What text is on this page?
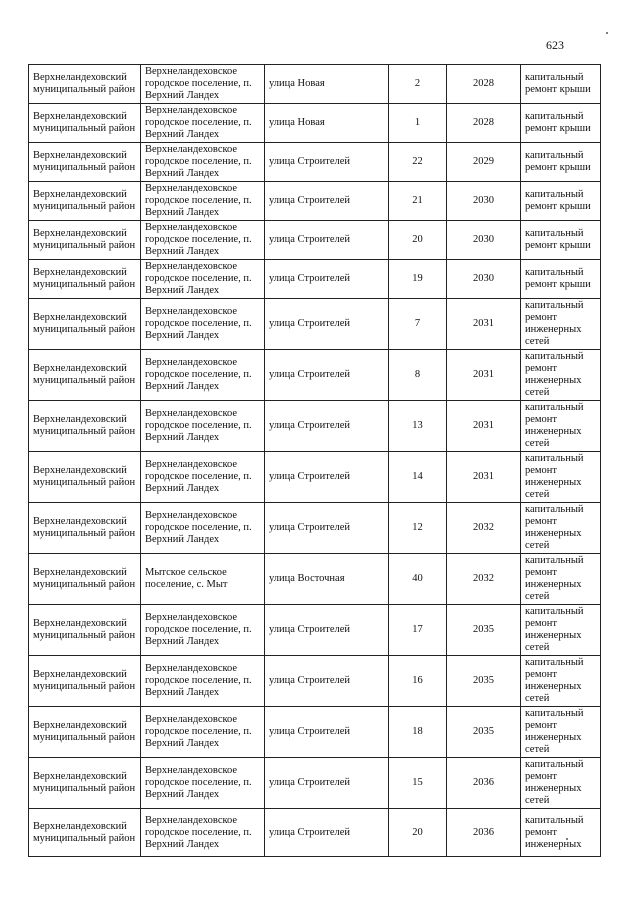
623
Верхнеландеховский муниципальный район	Верхнеландеховское городское поселение, п. Верхний Ландех	улица Новая	2	2028	капитальный ремонт крыши
Верхнеландеховский муниципальный район	Верхнеландеховское городское поселение, п. Верхний Ландех	улица Новая	1	2028	капитальный ремонт крыши
Верхнеландеховский муниципальный район	Верхнеландеховское городское поселение, п. Верхний Ландех	улица Строителей	22	2029	капитальный ремонт крыши
Верхнеландеховский муниципальный район	Верхнеландеховское городское поселение, п. Верхний Ландех	улица Строителей	21	2030	капитальный ремонт крыши
Верхнеландеховский муниципальный район	Верхнеландеховское городское поселение, п. Верхний Ландех	улица Строителей	20	2030	капитальный ремонт крыши
Верхнеландеховский муниципальный район	Верхнеландеховское городское поселение, п. Верхний Ландех	улица Строителей	19	2030	капитальный ремонт крыши
Верхнеландеховский муниципальный район	Верхнеландеховское городское поселение, п. Верхний Ландех	улица Строителей	7	2031	капитальный ремонт инженерных сетей
Верхнеландеховский муниципальный район	Верхнеландеховское городское поселение, п. Верхний Ландех	улица Строителей	8	2031	капитальный ремонт инженерных сетей
Верхнеландеховский муниципальный район	Верхнеландеховское городское поселение, п. Верхний Ландех	улица Строителей	13	2031	капитальный ремонт инженерных сетей
Верхнеландеховский муниципальный район	Верхнеландеховское городское поселение, п. Верхний Ландех	улица Строителей	14	2031	капитальный ремонт инженерных сетей
Верхнеландеховский муниципальный район	Верхнеландеховское городское поселение, п. Верхний Ландех	улица Строителей	12	2032	капитальный ремонт инженерных сетей
Верхнеландеховский муниципальный район	Мытское сельское поселение, с. Мыт	улица Восточная	40	2032	капитальный ремонт инженерных сетей
Верхнеландеховский муниципальный район	Верхнеландеховское городское поселение, п. Верхний Ландех	улица Строителей	17	2035	капитальный ремонт инженерных сетей
Верхнеландеховский муниципальный район	Верхнеландеховское городское поселение, п. Верхний Ландех	улица Строителей	16	2035	капитальный ремонт инженерных сетей
Верхнеландеховский муниципальный район	Верхнеландеховское городское поселение, п. Верхний Ландех	улица Строителей	18	2035	капитальный ремонт инженерных сетей
Верхнеландеховский муниципальный район	Верхнеландеховское городское поселение, п. Верхний Ландех	улица Строителей	15	2036	капитальный ремонт инженерных сетей
Верхнеландеховский муниципальный район	Верхнеландеховское городское поселение, п. Верхний Ландех	улица Строителей	20	2036	капитальный ремонт инженерных
